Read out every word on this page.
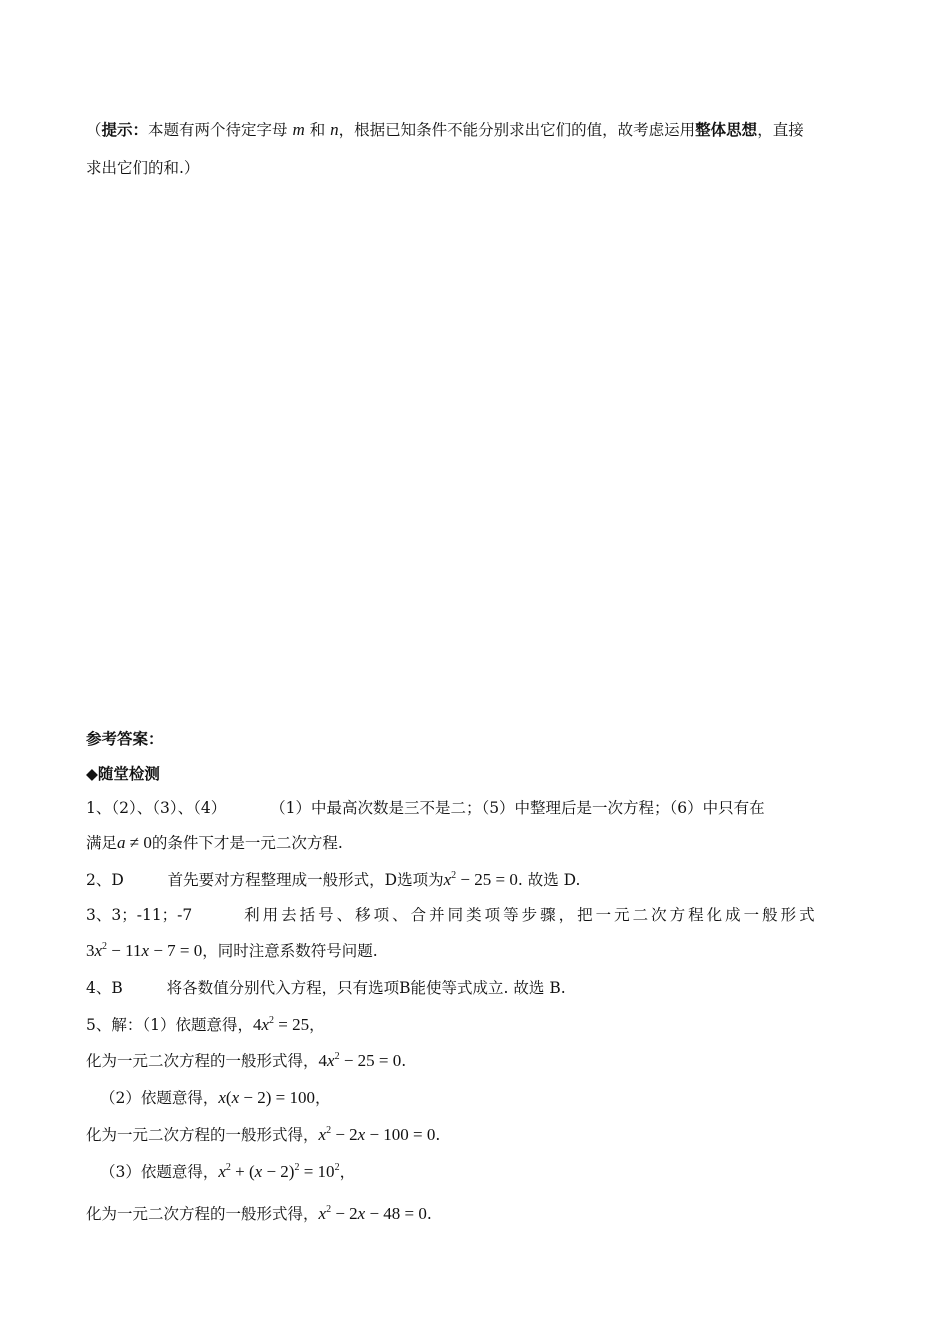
（提示：本题有两个待定字母 m 和 n，根据已知条件不能分别求出它们的值，故考虑运用整体思想，直接
求出它们的和.）
参考答案：
◆随堂检测
1、（2）、（3）、（4）	（1）中最高次数是三不是二；（5）中整理后是一次方程；（6）中只有在
满足a ≠ 0的条件下才是一元二次方程.
2、D	首先要对方程整理成一般形式，D选项为$x^2 - 25 = 0$. 故选 D.
3、3；-11；-7	利用去括号、移项、合并同类项等步骤，把一元二次方程化成一般形式
$3x^2 - 11x - 7 = 0$，同时注意系数符号问题.
4、B	将各数值分别代入方程，只有选项B能使等式成立. 故选 B.
5、解：（1）依题意得，$4x^2 = 25$，
化为一元二次方程的一般形式得，$4x^2 - 25 = 0$.
（2）依题意得，x(x − 2) = 100，
化为一元二次方程的一般形式得，$x^2 - 2x - 100 = 0$.
（3）依题意得，$x^2 + (x - 2)^2 = 10^2$，
化为一元二次方程的一般形式得，$x^2 - 2x - 48 = 0$.
